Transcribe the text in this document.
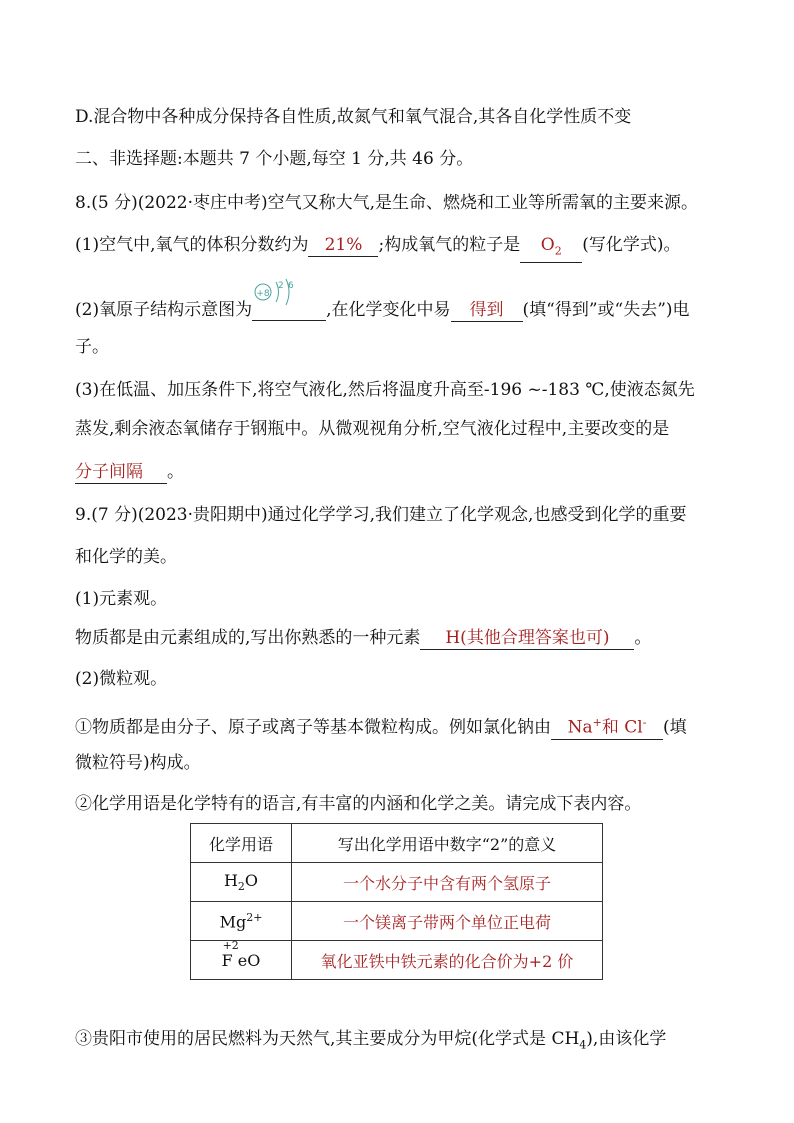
D.混合物中各种成分保持各自性质,故氮气和氧气混合,其各自化学性质不变
二、非选择题:本题共 7 个小题,每空 1 分,共 46 分。
8.(5 分)(2022·枣庄中考)空气又称大气,是生命、燃烧和工业等所需氧的主要来源。
(1)空气中,氧气的体积分数约为 21% ;构成氧气的粒子是 $O_2$ (写化学式)。
(2)氧原子结构示意图为
+8
2 6
,在化学变化中易 得到 (填“得到”或“失去”)电
子。
(3)在低温、加压条件下,将空气液化,然后将温度升高至-196 ~-183 ℃,使液态氮先
蒸发,剩余液态氧储存于钢瓶中。从微观视角分析,空气液化过程中,主要改变的是
分子间隔 。
9.(7 分)(2023·贵阳期中)通过化学学习,我们建立了化学观念,也感受到化学的重要
和化学的美。
(1)元素观。
物质都是由元素组成的,写出你熟悉的一种元素 H(其他合理答案也可) 。
(2)微粒观。
①物质都是由分子、原子或离子等基本微粒构成。例如氯化钠由 Na+和 Cl- (填
微粒符号)构成。
②化学用语是化学特有的语言,有丰富的内涵和化学之美。请完成下表内容。
化学用语	写出化学用语中数字“2”的意义
$H_2O$	一个水分子中含有两个氢原子
$Mg^{2+}$	一个镁离子带两个单位正电荷

+2
F eO	氧化亚铁中铁元素的化合价为+2 价
③贵阳市使用的居民燃料为天然气,其主要成分为甲烷(化学式是 $CH_4$),由该化学
